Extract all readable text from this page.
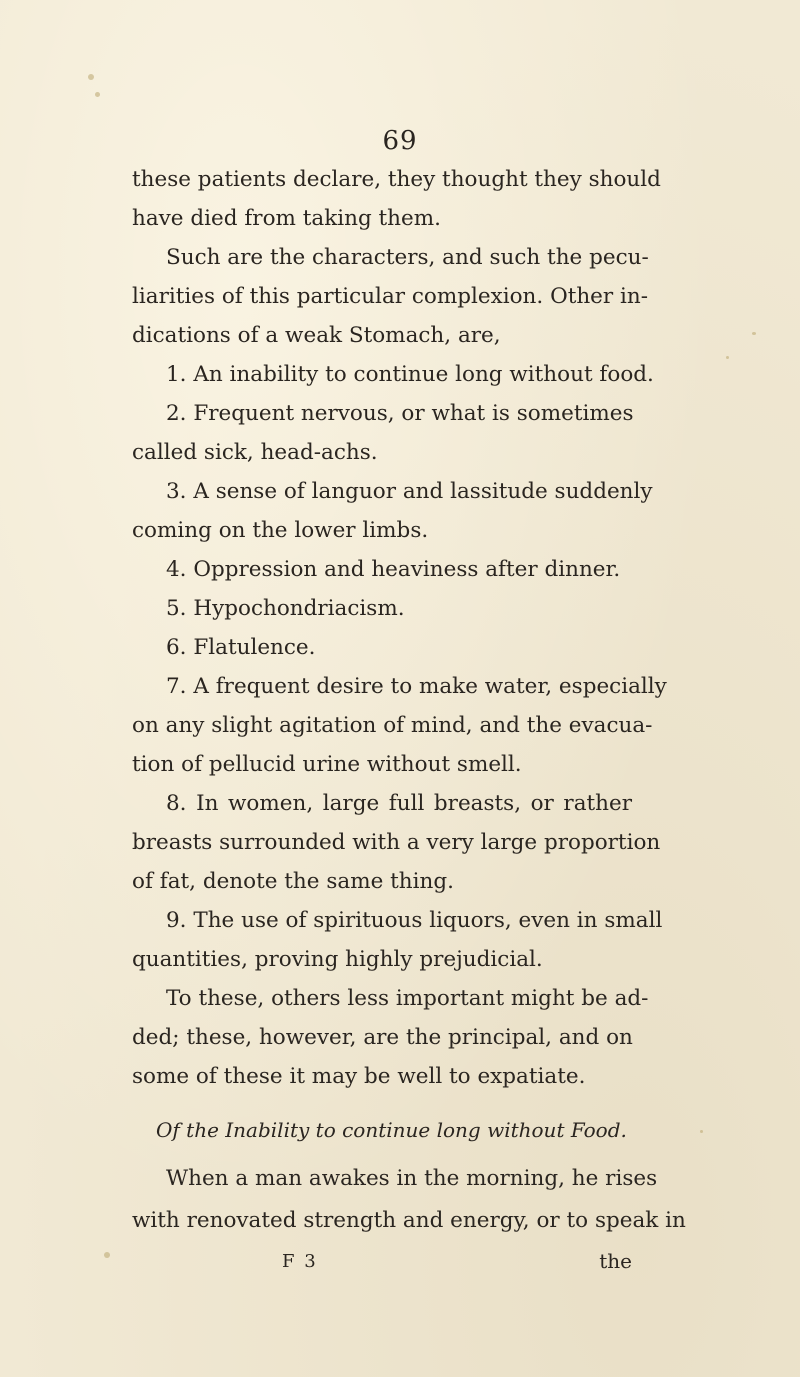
69
these patients declare, they thought they should
have died from taking them.
Such are the characters, and such the pecu-
liarities of this particular complexion. Other in-
dications of a weak Stomach, are,
1. An inability to continue long without food.
2. Frequent nervous, or what is sometimes
called sick, head-achs.
3. A sense of languor and lassitude suddenly
coming on the lower limbs.
4. Oppression and heaviness after dinner.
5. Hypochondriacism.
6. Flatulence.
7. A frequent desire to make water, especially
on any slight agitation of mind, and the evacua-
tion of pellucid urine without smell.
8. In women, large full breasts, or rather
breasts surrounded with a very large proportion
of fat, denote the same thing.
9. The use of spirituous liquors, even in small
quantities, proving highly prejudicial.
To these, others less important might be ad-
ded; these, however, are the principal, and on
some of these it may be well to expatiate.
Of the Inability to continue long without Food.
When a man awakes in the morning, he rises
with renovated strength and energy, or to speak in
F 3	the
